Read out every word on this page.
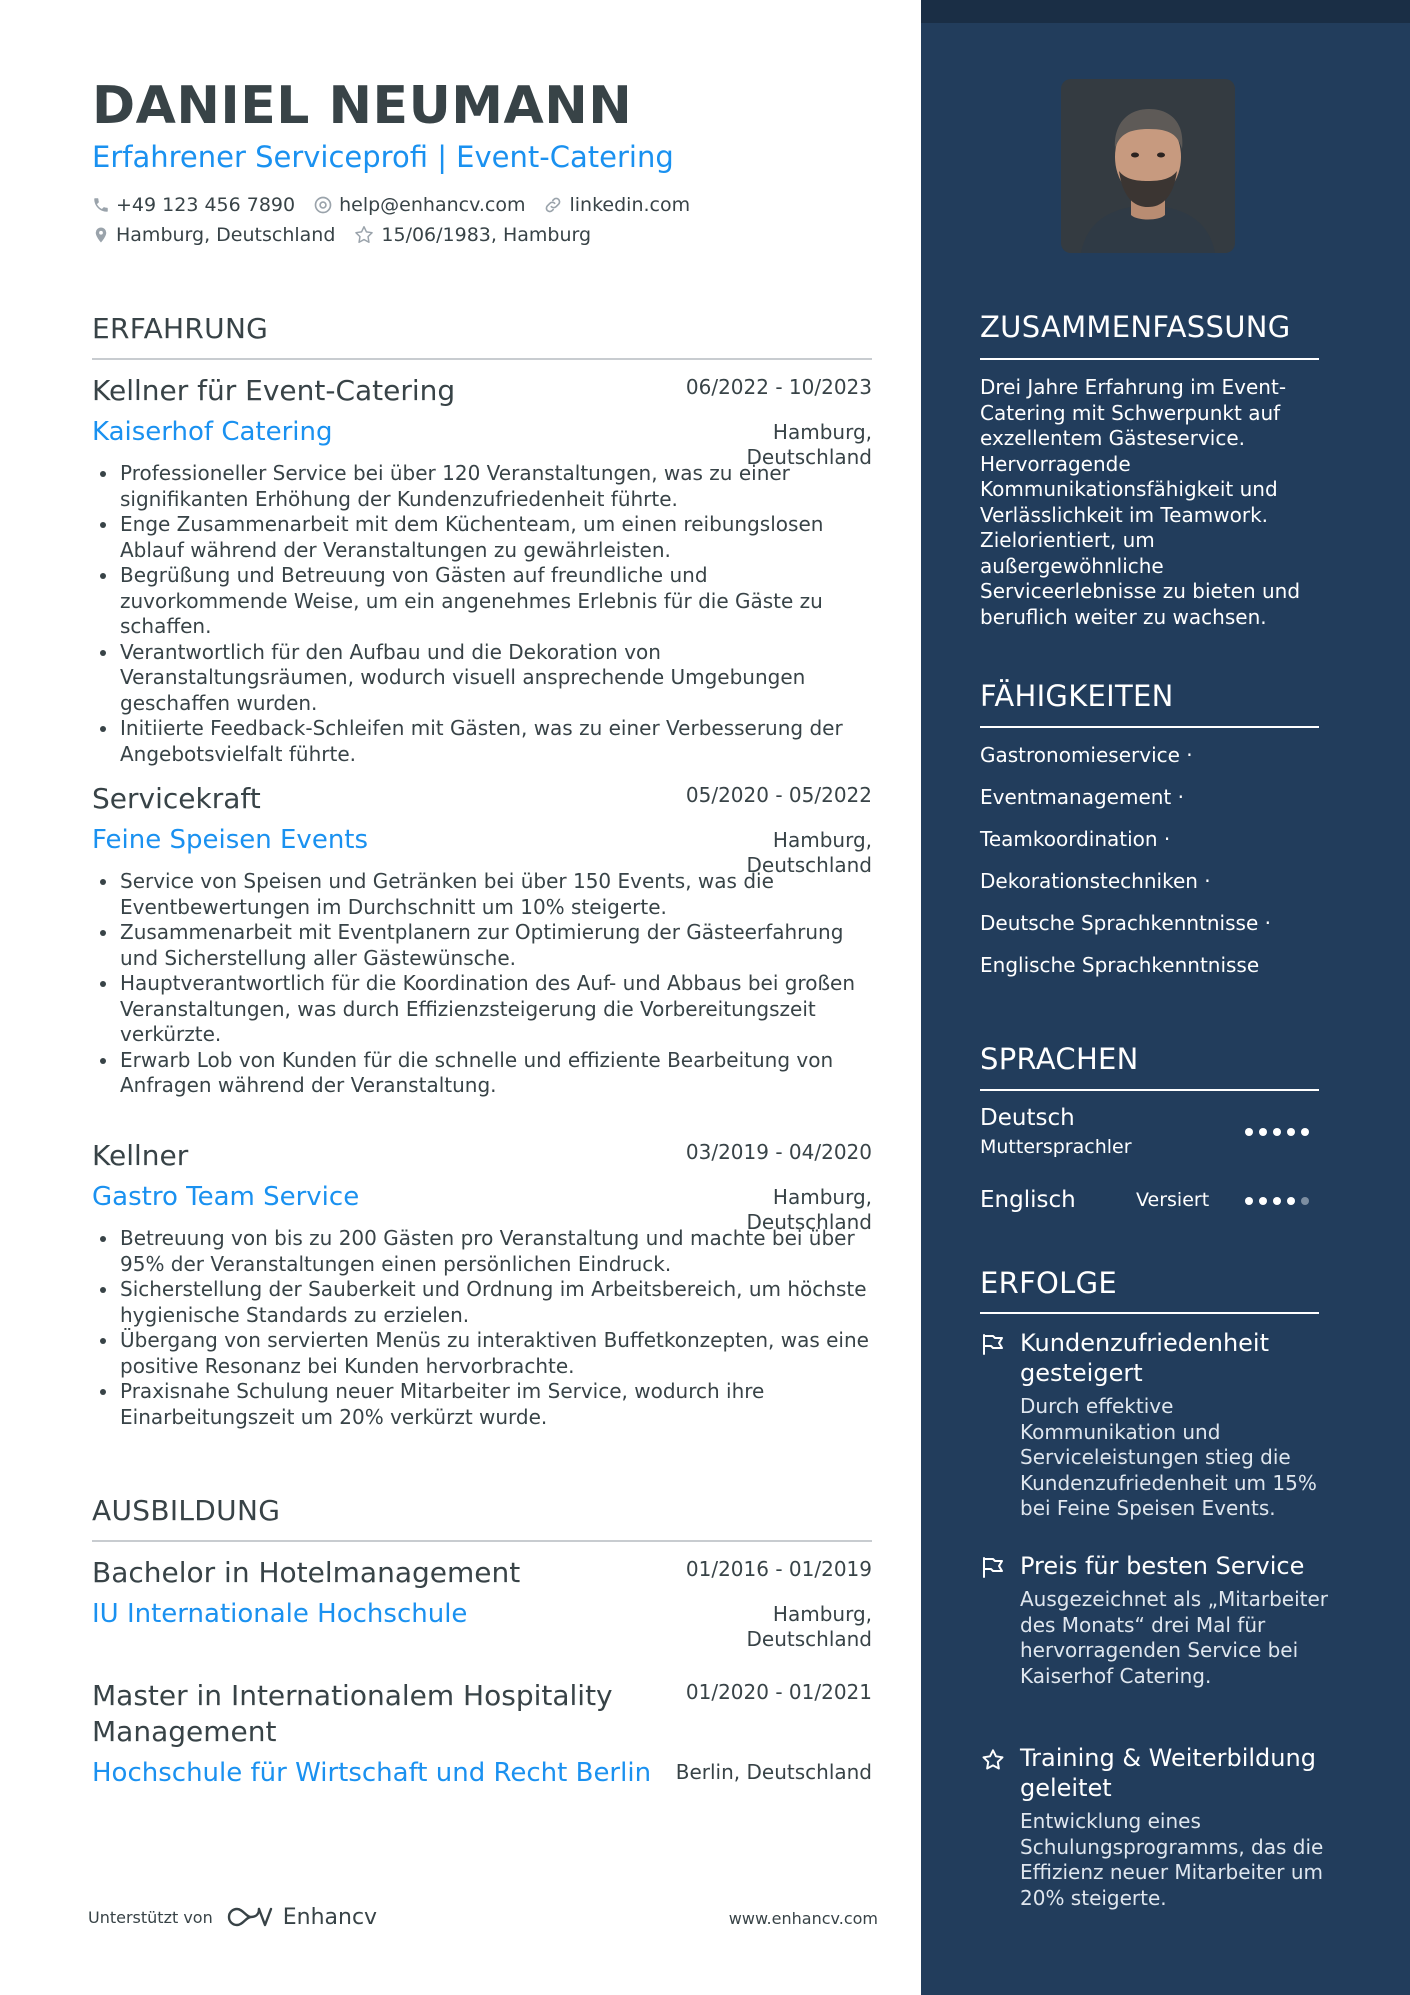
DANIEL NEUMANN
Erfahrener Serviceprofi | Event-Catering
+49 123 456 7890 help@enhancv.com linkedin.com
Hamburg, Deutschland 15/06/1983, Hamburg
ERFAHRUNG
Kellner für Event-Catering	06/2022 - 10/2023
Kaiserhof Catering	Hamburg,
Deutschland
Professioneller Service bei über 120 Veranstaltungen, was zu einer signifikanten Erhöhung der Kundenzufriedenheit führte.
Enge Zusammenarbeit mit dem Küchenteam, um einen reibungslosen Ablauf während der Veranstaltungen zu gewährleisten.
Begrüßung und Betreuung von Gästen auf freundliche und zuvorkommende Weise, um ein angenehmes Erlebnis für die Gäste zu schaffen.
Verantwortlich für den Aufbau und die Dekoration von Veranstaltungsräumen, wodurch visuell ansprechende Umgebungen geschaffen wurden.
Initiierte Feedback-Schleifen mit Gästen, was zu einer Verbesserung der Angebotsvielfalt führte.
Servicekraft	05/2020 - 05/2022
Feine Speisen Events	Hamburg,
Deutschland
Service von Speisen und Getränken bei über 150 Events, was die Eventbewertungen im Durchschnitt um 10% steigerte.
Zusammenarbeit mit Eventplanern zur Optimierung der Gästeerfahrung und Sicherstellung aller Gästewünsche.
Hauptverantwortlich für die Koordination des Auf- und Abbaus bei großen Veranstaltungen, was durch Effizienzsteigerung die Vorbereitungszeit verkürzte.
Erwarb Lob von Kunden für die schnelle und effiziente Bearbeitung von Anfragen während der Veranstaltung.
Kellner	03/2019 - 04/2020
Gastro Team Service	Hamburg,
Deutschland
Betreuung von bis zu 200 Gästen pro Veranstaltung und machte bei über 95% der Veranstaltungen einen persönlichen Eindruck.
Sicherstellung der Sauberkeit und Ordnung im Arbeitsbereich, um höchste hygienische Standards zu erzielen.
Übergang von servierten Menüs zu interaktiven Buffetkonzepten, was eine positive Resonanz bei Kunden hervorbrachte.
Praxisnahe Schulung neuer Mitarbeiter im Service, wodurch ihre Einarbeitungszeit um 20% verkürzt wurde.
AUSBILDUNG
Bachelor in Hotelmanagement	01/2016 - 01/2019
IU Internationale Hochschule	Hamburg,
Deutschland
Master in Internationalem Hospitality Management
01/2020 - 01/2021
Hochschule für Wirtschaft und Recht Berlin	Berlin, Deutschland
Unterstützt von	Enhancv	www.enhancv.com
ZUSAMMENFASSUNG
Drei Jahre Erfahrung im Event-Catering mit Schwerpunkt auf exzellentem Gästeservice. Hervorragende Kommunikationsfähigkeit und Verlässlichkeit im Teamwork. Zielorientiert, um außergewöhnliche Serviceerlebnisse zu bieten und beruflich weiter zu wachsen.
FÄHIGKEITEN
Gastronomieservice ·
Eventmanagement ·
Teamkoordination ·
Dekorationstechniken ·
Deutsche Sprachkenntnisse ·
Englische Sprachkenntnisse
SPRACHEN
Deutsch
Muttersprachler
Englisch	Versiert
ERFOLGE
Kundenzufriedenheit gesteigert
Durch effektive Kommunikation und Serviceleistungen stieg die Kundenzufriedenheit um 15% bei Feine Speisen Events.
Preis für besten Service
Ausgezeichnet als „Mitarbeiter des Monats“ drei Mal für hervorragenden Service bei Kaiserhof Catering.
Training & Weiterbildung geleitet
Entwicklung eines Schulungsprogramms, das die Effizienz neuer Mitarbeiter um 20% steigerte.
